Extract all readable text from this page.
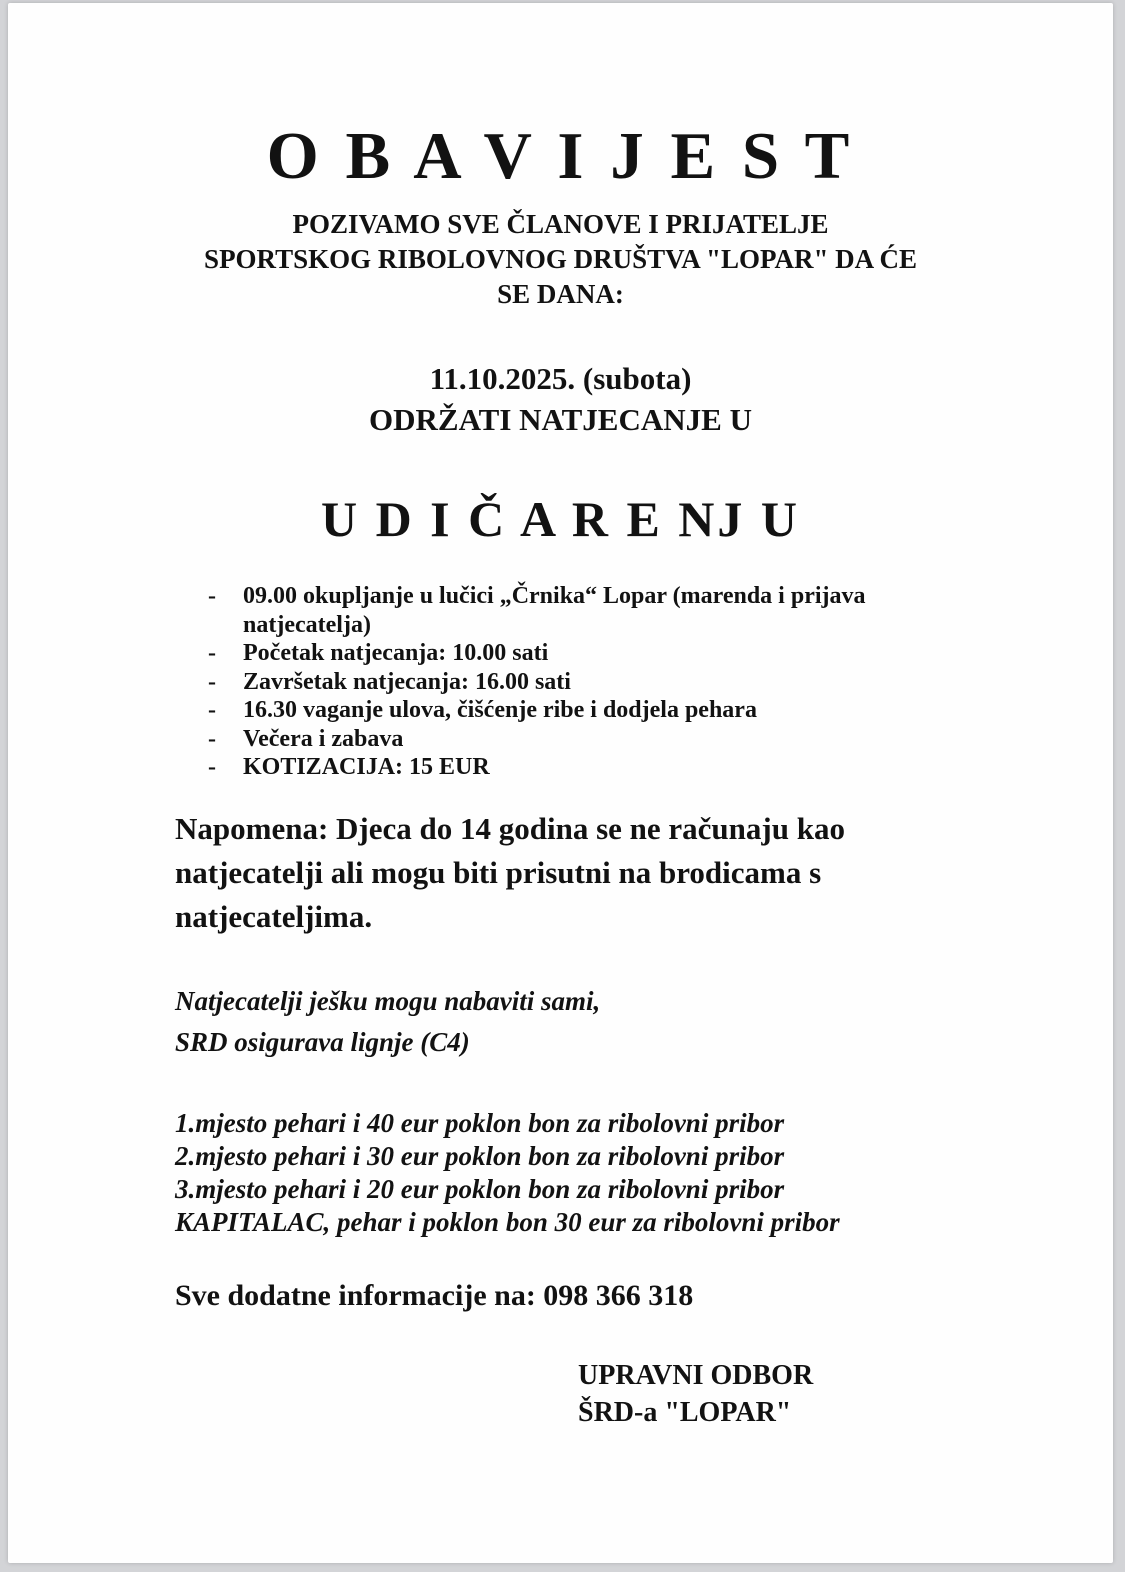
O B A V I J E S T
POZIVAMO SVE ČLANOVE I PRIJATELJE
SPORTSKOG RIBOLOVNOG DRUŠTVA "LOPAR" DA ĆE
SE DANA:
11.10.2025. (subota)
ODRŽATI NATJECANJE U
U D I Č A R E NJ U
-	09.00 okupljanje u lučici „Črnika“ Lopar (marenda i prijava natjecatelja)
-	Početak natjecanja: 10.00 sati
-	Završetak natjecanja: 16.00 sati
-	16.30 vaganje ulova, čišćenje ribe i dodjela pehara
-	Večera i zabava
-	KOTIZACIJA: 15 EUR
Napomena: Djeca do 14 godina se ne računaju kao natjecatelji ali mogu biti prisutni na brodicama s natjecateljima.
Natjecatelji ješku mogu nabaviti sami,
SRD osigurava lignje (C4)
1.mjesto pehari i 40 eur poklon bon za ribolovni pribor
2.mjesto pehari i 30 eur poklon bon za ribolovni pribor
3.mjesto pehari i 20 eur poklon bon za ribolovni pribor
KAPITALAC, pehar i poklon bon 30 eur za ribolovni pribor
Sve dodatne informacije na: 098 366 318
UPRAVNI ODBOR
ŠRD-a "LOPAR"
